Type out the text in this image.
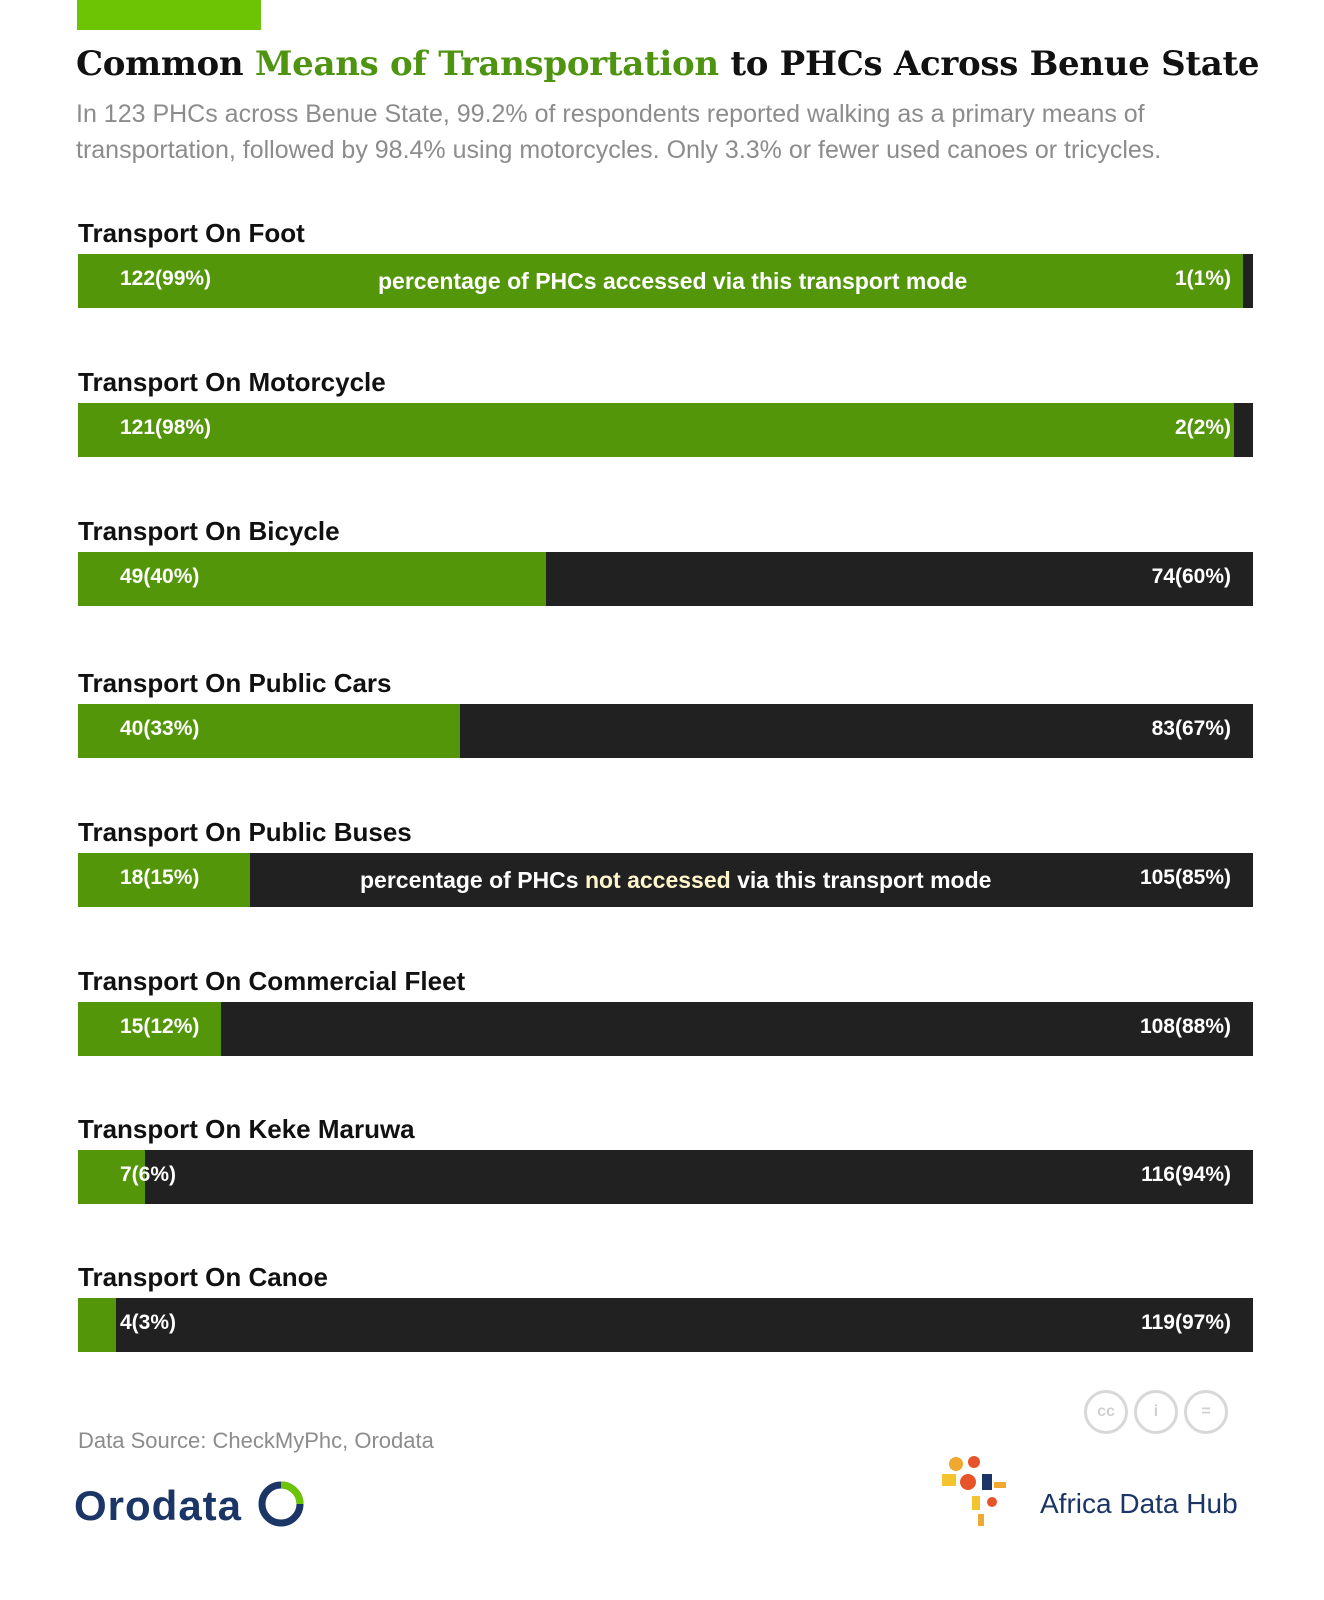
Common Means of Transportation to PHCs Across Benue State

In 123 PHCs across Benue State, 99.2% of respondents reported walking as a primary means of transportation, followed by 98.4% using motorcycles. Only 3.3% or fewer used canoes or tricycles.

Transport On Foot
122(99%)	1(1%)
percentage of PHCs accessed via this transport mode
Transport On Motorcycle
121(98%)	2(2%)
Transport On Bicycle
49(40%)	74(60%)
Transport On Public Cars
40(33%)	83(67%)
Transport On Public Buses
18(15%)	105(85%)
percentage of PHCs not accessed via this transport mode
Transport On Commercial Fleet
15(12%)	108(88%)
Transport On Keke Maruwa
7(6%)	116(94%)
Transport On Canoe
4(3%)	119(97%)
Data Source: CheckMyPhc, Orodata
cc	i	=
Orodata	Africa Data Hub
